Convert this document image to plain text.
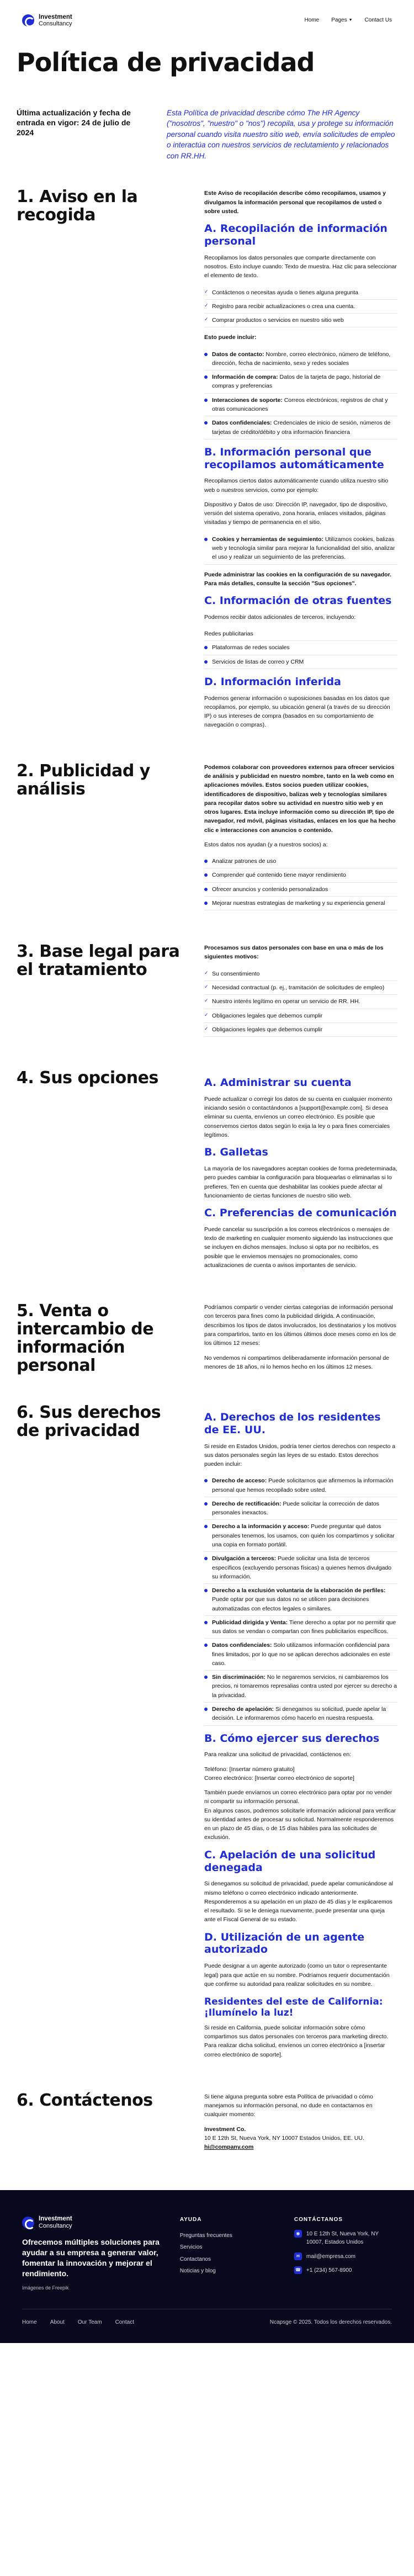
Investment
Consultancy
Home Pages ▼ Contact Us
Política de privacidad
Última actualización y fecha de entrada en vigor: 24 de julio de 2024
Esta Política de privacidad describe cómo The HR Agency ("nosotros", "nuestro" o "nos") recopila, usa y protege su información personal cuando visita nuestro sitio web, envía solicitudes de empleo o interactúa con nuestros servicios de reclutamiento y relacionados con RR.HH.
1. Aviso en la recogida

Este Aviso de recopilación describe cómo recopilamos, usamos y divulgamos la información personal que recopilamos de usted o sobre usted.

A. Recopilación de información personal

Recopilamos los datos personales que comparte directamente con nosotros. Esto incluye cuando: Texto de muestra. Haz clic para seleccionar el elemento de texto.

✓ Contáctenos o necesitas ayuda o tienes alguna pregunta
✓ Registro para recibir actualizaciones o crea una cuenta.
✓ Comprar productos o servicios en nuestro sitio web

Esto puede incluir:

Datos de contacto: Nombre, correo electrónico, número de teléfono, dirección, fecha de nacimiento, sexo y redes sociales
Información de compra: Datos de la tarjeta de pago, historial de compras y preferencias
Interacciones de soporte: Correos electrónicos, registros de chat y otras comunicaciones
Datos confidenciales: Credenciales de inicio de sesión, números de tarjetas de crédito/débito y otra información financiera
B. Información personal que recopilamos automáticamente

Recopilamos ciertos datos automáticamente cuando utiliza nuestro sitio web o nuestros servicios, como por ejemplo:

Dispositivo y Datos de uso: Dirección IP, navegador, tipo de dispositivo, versión del sistema operativo, zona horaria, enlaces visitados, páginas visitadas y tiempo de permanencia en el sitio.

Cookies y herramientas de seguimiento: Utilizamos cookies, balizas web y tecnología similar para mejorar la funcionalidad del sitio, analizar el uso y realizar un seguimiento de las preferencias.

Puede administrar las cookies en la configuración de su navegador. Para más detalles, consulte la sección "Sus opciones".

C. Información de otras fuentes

Podemos recibir datos adicionales de terceros, incluyendo:

Redes publicitarias
Plataformas de redes sociales
Servicios de listas de correo y CRM
D. Información inferida

Podemos generar información o suposiciones basadas en los datos que recopilamos, por ejemplo, su ubicación general (a través de su dirección IP) o sus intereses de compra (basados en su comportamiento de navegación o compras).

2. Publicidad y análisis

Podemos colaborar con proveedores externos para ofrecer servicios de análisis y publicidad en nuestro nombre, tanto en la web como en aplicaciones móviles. Estos socios pueden utilizar cookies, identificadores de dispositivo, balizas web y tecnologías similares para recopilar datos sobre su actividad en nuestro sitio web y en otros lugares. Esta incluye información como su dirección IP, tipo de navegador, red móvil, páginas visitadas, enlaces en los que ha hecho clic e interacciones con anuncios o contenido.

Estos datos nos ayudan (y a nuestros socios) a:

Analizar patrones de uso
Comprender qué contenido tiene mayor rendimiento
Ofrecer anuncios y contenido personalizados
Mejorar nuestras estrategias de marketing y su experiencia general
3. Base legal para el tratamiento

Procesamos sus datos personales con base en una o más de los siguientes motivos:

✓ Su consentimiento
✓ Necesidad contractual (p. ej., tramitación de solicitudes de empleo)
✓ Nuestro interés legítimo en operar un servicio de RR. HH.
✓ Obligaciones legales que debemos cumplir
✓ Obligaciones legales que debemos cumplir
4. Sus opciones	A. Administrar su cuenta

Puede actualizar o corregir los datos de su cuenta en cualquier momento iniciando sesión o contactándonos a [support@example.com]. Si desea eliminar su cuenta, envíenos un correo electrónico. Es posible que conservemos ciertos datos según lo exija la ley o para fines comerciales legítimos.

B. Galletas

La mayoría de los navegadores aceptan cookies de forma predeterminada, pero puedes cambiar la configuración para bloquearlas o eliminarlas si lo prefieres. Ten en cuenta que deshabilitar las cookies puede afectar al funcionamiento de ciertas funciones de nuestro sitio web.

C. Preferencias de comunicación

Puede cancelar su suscripción a los correos electrónicos o mensajes de texto de marketing en cualquier momento siguiendo las instrucciones que se incluyen en dichos mensajes. Incluso si opta por no recibirlos, es posible que le enviemos mensajes no promocionales, como actualizaciones de cuenta o avisos importantes de servicio.

5. Venta o intercambio de información personal

Podríamos compartir o vender ciertas categorías de información personal con terceros para fines como la publicidad dirigida. A continuación, describimos los tipos de datos involucrados, los destinatarios y los motivos para compartirlos, tanto en los últimos últimos doce meses como en los de los últimos 12 meses:

No vendemos ni compartimos deliberadamente información personal de menores de 18 años, ni lo hemos hecho en los últimos 12 meses.

6. Sus derechos de privacidad
A. Derechos de los residentes de EE. UU.

Si reside en Estados Unidos, podría tener ciertos derechos con respecto a sus datos personales según las leyes de su estado. Estos derechos pueden incluir:

Derecho de acceso: Puede solicitarnos que afirmemos la información personal que hemos recopilado sobre usted.
Derecho de rectificación: Puede solicitar la corrección de datos personales inexactos.
Derecho a la información y acceso: Puede preguntar qué datos personales tenemos, los usamos, con quién los compartimos y solicitar una copia en formato portátil.
Divulgación a terceros: Puede solicitar una lista de terceros específicos (excluyendo personas físicas) a quienes hemos divulgado su información.
Derecho a la exclusión voluntaria de la elaboración de perfiles: Puede optar por que sus datos no se utilicen para decisiones automatizadas con efectos legales o similares.
Publicidad dirigida y Venta: Tiene derecho a optar por no permitir que sus datos se vendan o compartan con fines publicitarios específicos.
Datos confidenciales: Solo utilizamos información confidencial para fines limitados, por lo que no se aplican derechos adicionales en este caso.
Sin discriminación: No le negaremos servicios, ni cambiaremos los precios, ni tomaremos represalias contra usted por ejercer su derecho a la privacidad.
Derecho de apelación: Si denegamos su solicitud, puede apelar la decisión. Le informaremos cómo hacerlo en nuestra respuesta.
B. Cómo ejercer sus derechos

Para realizar una solicitud de privacidad, contáctenos en:

Teléfono: [Insertar número gratuito]
Correo electrónico: [Insertar correo electrónico de soporte]

También puede envíarnos un correo electrónico para optar por no vender ni compartir su información personal.
En algunos casos, podremos solicitarle información adicional para verificar su identidad antes de procesar su solicitud. Normalmente responderemos en un plazo de 45 días, o de 15 días hábiles para las solicitudes de exclusión.

C. Apelación de una solicitud denegada

Si denegamos su solicitud de privacidad, puede apelar comunicándose al mismo teléfono o correo electrónico indicado anteriormente. Responderemos a su apelación en un plazo de 45 días y le explicaremos el resultado. Si se le deniega nuevamente, puede presentar una queja ante el Fiscal General de su estado.

D. Utilización de un agente autorizado

Puede designar a un agente autorizado (como un tutor o representante legal) para que actúe en su nombre. Podríamos requerir documentación que confirme su autoridad para realizar solicitudes en su nombre.

Residentes del este de California: ¡Ilumínelo la luz!

Si reside en California, puede solicitar información sobre cómo compartimos sus datos personales con terceros para marketing directo. Para realizar dicha solicitud, envíenos un correo electrónico a [insertar correo electrónico de soporte].

6. Contáctenos	Si tiene alguna pregunta sobre esta Política de privacidad o cómo manejamos su información personal, no dude en contactarnos en cualquier momento:

Investment Co.

10 E 12th St, Nueva York, NY 10007 Estados Unidos, EE. UU.

hi@company.com

Investment
Consultancy
Ofrecemos múltiples soluciones para ayudar a su empresa a generar valor, fomentar la innovación y mejorar el rendimiento.
Imágenes de Freepik
AYUDA
Preguntas frecuentes
Servicios
Contactanos
Noticias y blog
CONTÁCTANOS
◉	10 E 12th St, Nueva York, NY 10007, Estados Unidos
✉	mail@empresa.com
☎ +1 (234) 567-8900
Home About Our Team Contact	Ncapsge © 2025. Todos los derechos reservados.
